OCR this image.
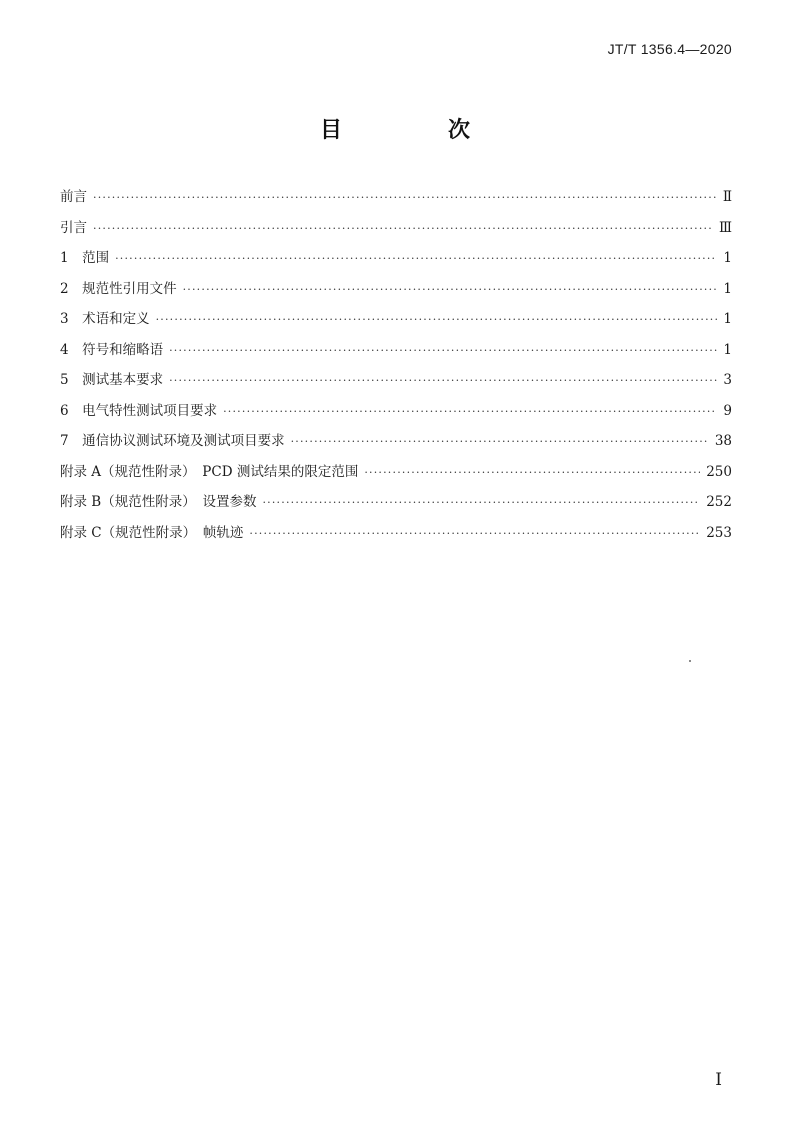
JT/T 1356.4—2020
目　次
前言 ·····	Ⅱ
引言 ·····	Ⅲ
1　范围 ·····	1
2　规范性引用文件 ·····	1
3　术语和定义 ·····	1
4　符号和缩略语 ·····	1
5　测试基本要求 ·····	3
6　电气特性测试项目要求 ·····	9
7　通信协议测试环境及测试项目要求 ·····	38
附录 A（规范性附录）　PCD 测试结果的限定范围 ·····	250
附录 B（规范性附录）　设置参数 ·····	252
附录 C（规范性附录）　帧轨迹 ·····	253
I
